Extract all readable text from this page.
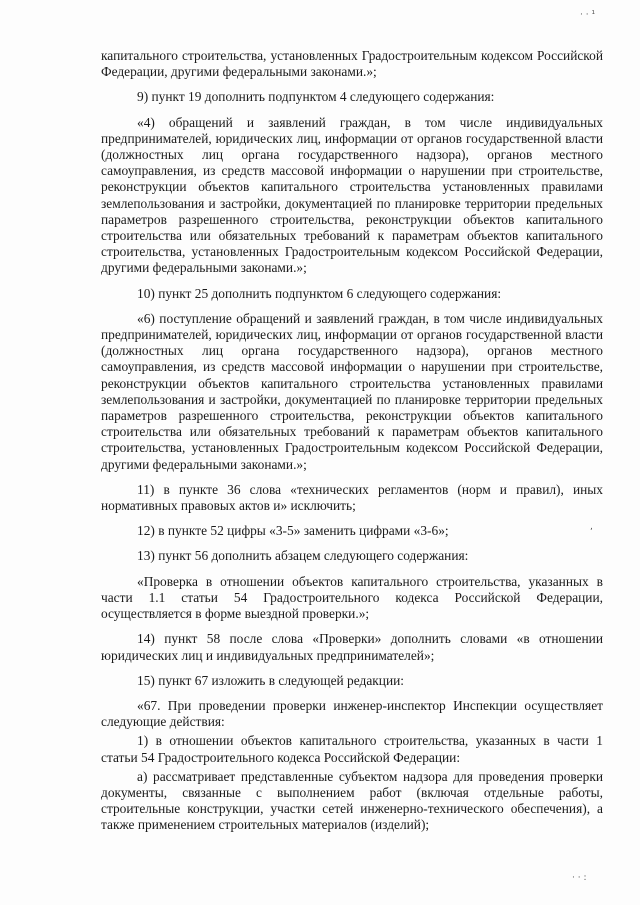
· · ¹
,
· · :

капитального строительства, установленных Градостроительным кодексом Российской Федерации, другими федеральными законами.»;

9) пункт 19 дополнить подпунктом 4 следующего содержания:

«4) обращений и заявлений граждан, в том числе индивидуальных предпринимателей, юридических лиц, информации от органов государственной власти (должностных лиц органа государственного надзора), органов местного самоуправления, из средств массовой информации о нарушении при строительстве, реконструкции объектов капитального строительства установленных правилами землепользования и застройки, документацией по планировке территории предельных параметров разрешенного строительства, реконструкции объектов капитального строительства или обязательных требований к параметрам объектов капитального строительства, установленных Градостроительным кодексом Российской Федерации, другими федеральными законами.»;

10) пункт 25 дополнить подпунктом 6 следующего содержания:

«6) поступление обращений и заявлений граждан, в том числе индивидуальных предпринимателей, юридических лиц, информации от органов государственной власти (должностных лиц органа государственного надзора), органов местного самоуправления, из средств массовой информации о нарушении при строительстве, реконструкции объектов капитального строительства установленных правилами землепользования и застройки, документацией по планировке территории предельных параметров разрешенного строительства, реконструкции объектов капитального строительства или обязательных требований к параметрам объектов капитального строительства, установленных Градостроительным кодексом Российской Федерации, другими федеральными законами.»;

11) в пункте 36 слова «технических регламентов (норм и правил), иных нормативных правовых актов и» исключить;

12) в пункте 52 цифры «3-5» заменить цифрами «3-6»;

13) пункт 56 дополнить абзацем следующего содержания:

«Проверка в отношении объектов капитального строительства, указанных в части 1.1 статьи 54 Градостроительного кодекса Российской Федерации, осуществляется в форме выездной проверки.»;

14) пункт 58 после слова «Проверки» дополнить словами «в отношении юридических лиц и индивидуальных предпринимателей»;

15) пункт 67 изложить в следующей редакции:

«67. При проведении проверки инженер-инспектор Инспекции осуществляет следующие действия:

1) в отношении объектов капитального строительства, указанных в части 1 статьи 54 Градостроительного кодекса Российской Федерации:

а) рассматривает представленные субъектом надзора для проведения проверки документы, связанные с выполнением работ (включая отдельные работы, строительные конструкции, участки сетей инженерно-технического обеспечения), а также применением строительных материалов (изделий);
